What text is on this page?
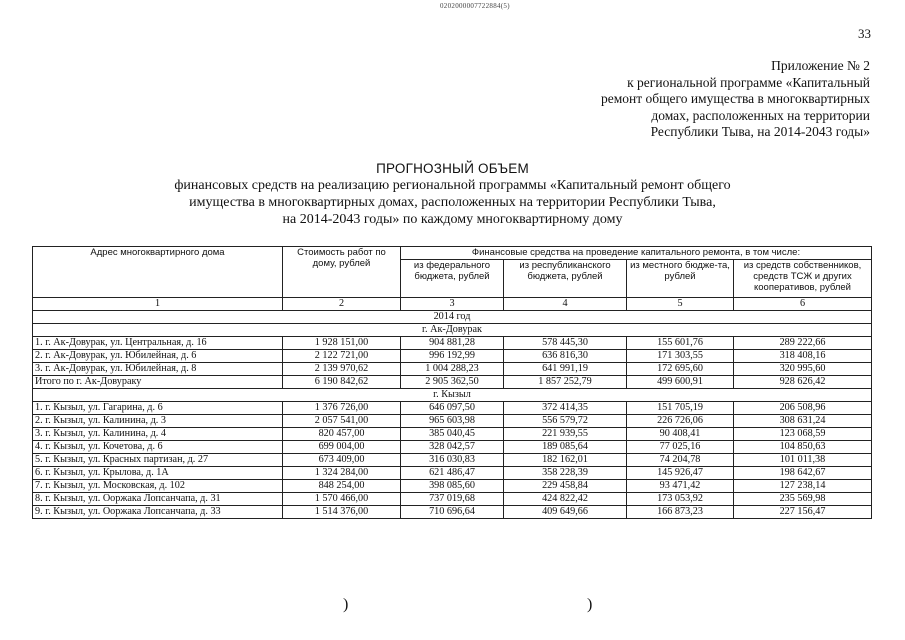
0202000007722884(5)
33
Приложение № 2
к региональной программе «Капитальный
ремонт общего имущества в многоквартирных
домах, расположенных на территории
Республики Тыва, на 2014-2043 годы»
ПРОГНОЗНЫЙ ОБЪЕМ
финансовых средств на реализацию региональной программы «Капитальный ремонт общего
имущества в многоквартирных домах, расположенных на территории Республики Тыва,
на 2014-2043 годы» по каждому многоквартирному дому
Адрес многоквартирного дома	Стоимость работ по дому, рублей	Финансовые средства на проведение капитального ремонта, в том числе:			
		из федерального бюджета, рублей	из республиканского бюджета, рублей	из местного бюдже-та, рублей	из средств собственников, средств ТСЖ и других кооперативов, рублей
1	2	3	4	5	6
2014 год					
г. Ак-Довурак					
1. г. Ак-Довурак, ул. Центральная, д. 16	1 928 151,00	904 881,28	578 445,30	155 601,76	289 222,66
2. г. Ак-Довурак, ул. Юбилейная, д. 6	2 122 721,00	996 192,99	636 816,30	171 303,55	318 408,16
3. г. Ак-Довурак, ул. Юбилейная, д. 8	2 139 970,62	1 004 288,23	641 991,19	172 695,60	320 995,60
Итого по г. Ак-Довураку	6 190 842,62	2 905 362,50	1 857 252,79	499 600,91	928 626,42
г. Кызыл					
1. г. Кызыл, ул. Гагарина, д. 6	1 376 726,00	646 097,50	372 414,35	151 705,19	206 508,96
2. г. Кызыл, ул. Калинина, д. 3	2 057 541,00	965 603,98	556 579,72	226 726,06	308 631,24
3. г. Кызыл, ул. Калинина, д. 4	820 457,00	385 040,45	221 939,55	90 408,41	123 068,59
4. г. Кызыл, ул. Кочетова, д. 6	699 004,00	328 042,57	189 085,64	77 025,16	104 850,63
5. г. Кызыл, ул. Красных партизан, д. 27	673 409,00	316 030,83	182 162,01	74 204,78	101 011,38
6. г. Кызыл, ул. Крылова, д. 1А	1 324 284,00	621 486,47	358 228,39	145 926,47	198 642,67
7. г. Кызыл, ул. Московская, д. 102	848 254,00	398 085,60	229 458,84	93 471,42	127 238,14
8. г. Кызыл, ул. Ооржака Лопсанчапа, д. 31	1 570 466,00	737 019,68	424 822,42	173 053,92	235 569,98
9. г. Кызыл, ул. Ооржака Лопсанчапа, д. 33	1 514 376,00	710 696,64	409 649,66	166 873,23	227 156,47
)	)
